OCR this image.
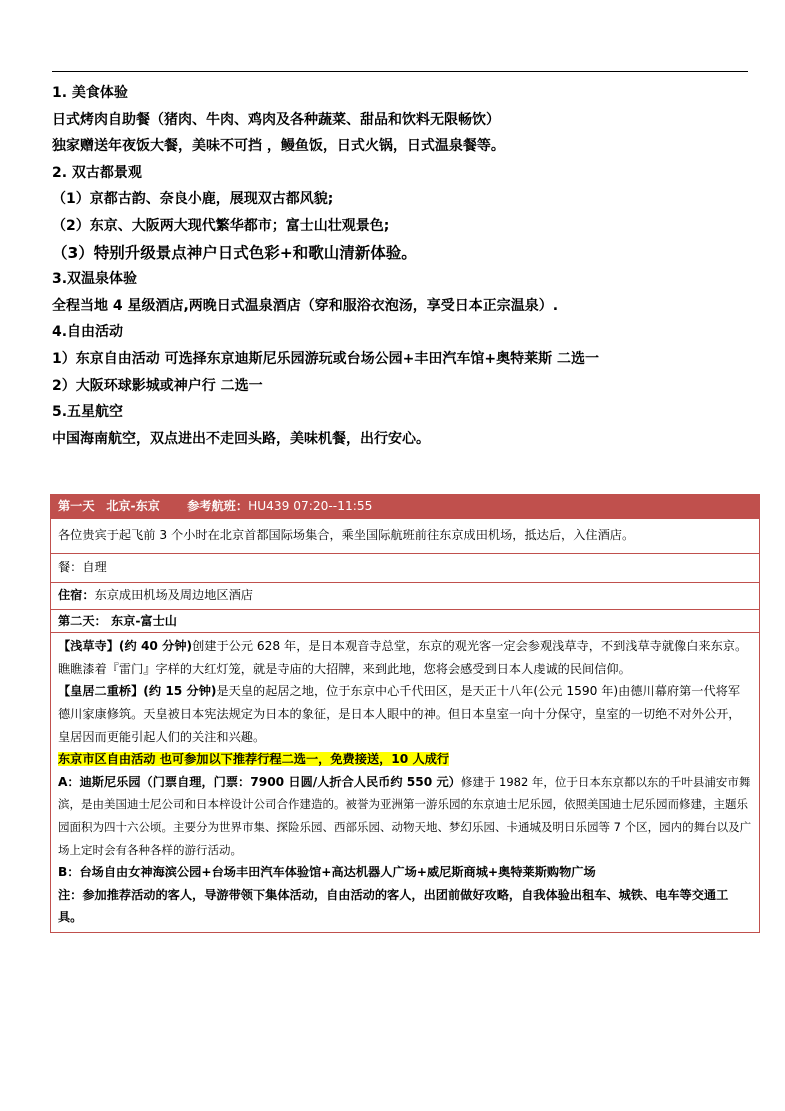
1. 美食体验
日式烤肉自助餐（猪肉、牛肉、鸡肉及各种蔬菜、甜品和饮料无限畅饮）
独家赠送年夜饭大餐，美味不可挡 ，鳗鱼饭，日式火锅，日式温泉餐等。
2. 双古都景观
（1）京都古韵、奈良小鹿，展现双古都风貌;
（2）东京、大阪两大现代繁华都市；富士山壮观景色;
（3）特别升级景点神户日式色彩+和歌山清新体验。
3.双温泉体验
全程当地 4 星级酒店,两晚日式温泉酒店（穿和服浴衣泡汤，享受日本正宗温泉）.
4.自由活动
1）东京自由活动 可选择东京迪斯尼乐园游玩或台场公园+丰田汽车馆+奥特莱斯 二选一
2）大阪环球影城或神户行 二选一
5.五星航空
中国海南航空，双点进出不走回头路，美味机餐，出行安心。
第一天 北京-东京 参考航班：HU439 07:20--11:55
各位贵宾于起飞前 3 个小时在北京首都国际场集合，乘坐国际航班前往东京成田机场，抵达后，入住酒店。
餐：自理
住宿：东京成田机场及周边地区酒店
第二天： 东京-富士山

【浅草寺】(约 40 分钟)创建于公元 628 年，是日本观音寺总堂，东京的观光客一定会参观浅草寺，不到浅草寺就像白来东京。瞧瞧漆着『雷门』字样的大红灯笼，就是寺庙的大招牌，来到此地，您将会感受到日本人虔诚的民间信仰。
【皇居二重桥】(约 15 分钟)是天皇的起居之地，位于东京中心千代田区，是天正十八年(公元 1590 年)由德川幕府第一代将军德川家康修筑。天皇被日本宪法规定为日本的象征，是日本人眼中的神。但日本皇室一向十分保守，皇室的一切绝不对外公开，皇居因而更能引起人们的关注和兴趣。
东京市区自由活动 也可参加以下推荐行程二选一，免费接送，10 人成行
A：迪斯尼乐园（门票自理，门票：7900 日圆/人折合人民币约 550 元）修建于 1982 年，位于日本东京都以东的千叶县浦安市舞滨，是由美国迪士尼公司和日本梓设计公司合作建造的。被誉为亚洲第一游乐园的东京迪士尼乐园，依照美国迪士尼乐园而修建，主题乐园面积为四十六公顷。主要分为世界市集、探险乐园、西部乐园、动物天地、梦幻乐园、卡通城及明日乐园等 7 个区，园内的舞台以及广场上定时会有各种各样的游行活动。
B：台场自由女神海滨公园+台场丰田汽车体验馆+高达机器人广场+威尼斯商城+奥特莱斯购物广场
注：参加推荐活动的客人，导游带领下集体活动，自由活动的客人，出团前做好攻略，自我体验出租车、城铁、电车等交通工具。
